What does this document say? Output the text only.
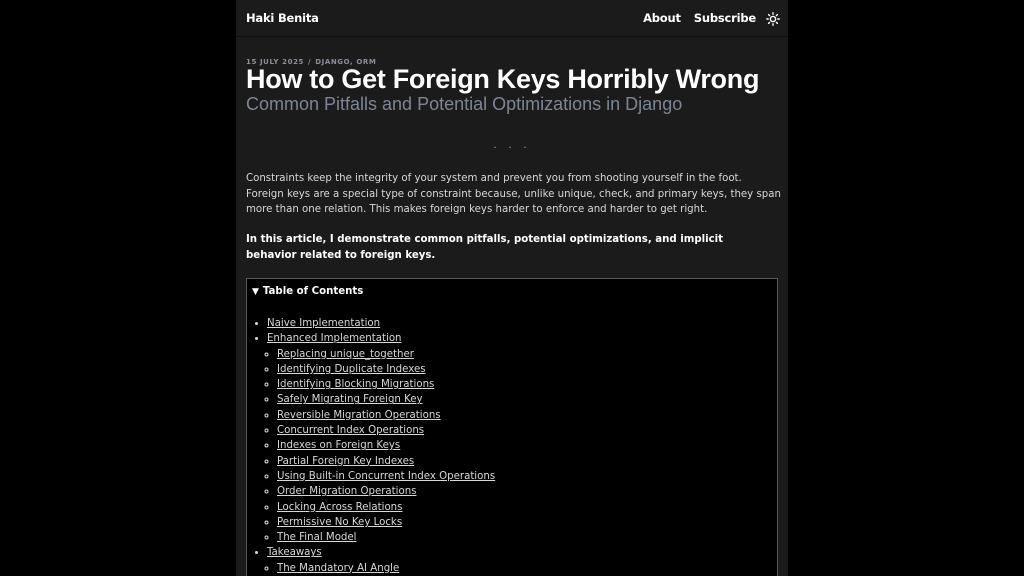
Haki Benita	About Subscribe
15 JULY 2025 / DJANGO, ORM
How to Get Foreign Keys Horribly Wrong
Common Pitfalls and Potential Optimizations in Django
. . .

Constraints keep the integrity of your system and prevent you from shooting yourself in the foot. Foreign keys are a special type of constraint because, unlike unique, check, and primary keys, they span more than one relation. This makes foreign keys harder to enforce and harder to get right.

In this article, I demonstrate common pitfalls, potential optimizations, and implicit behavior related to foreign keys.

▼ Table of Contents
• Naive Implementation
• Enhanced Implementation
◦ Replacing unique_together
◦ Identifying Duplicate Indexes
◦ Identifying Blocking Migrations
◦ Safely Migrating Foreign Key
◦ Reversible Migration Operations
◦ Concurrent Index Operations
◦ Indexes on Foreign Keys
◦ Partial Foreign Key Indexes
◦ Using Built-in Concurrent Index Operations
◦ Order Migration Operations
◦ Locking Across Relations
◦ Permissive No Key Locks
◦ The Final Model
• Takeaways
◦ The Mandatory AI Angle
